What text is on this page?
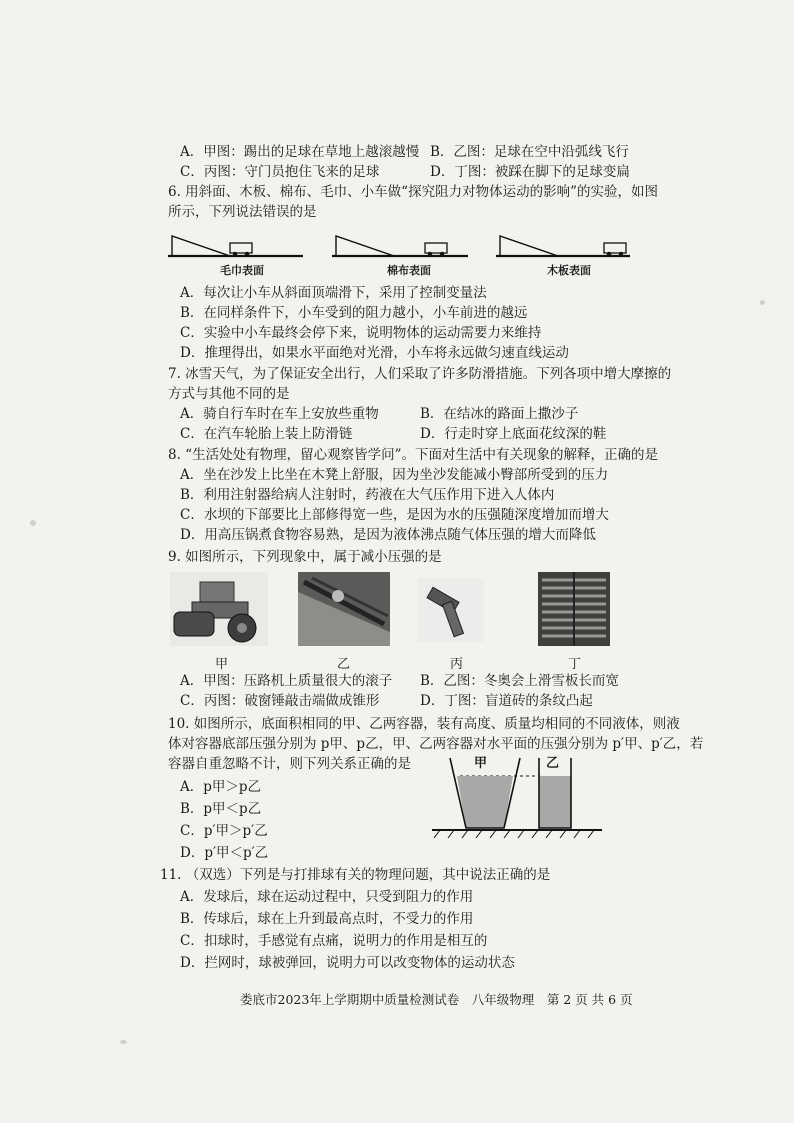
A．甲图：踢出的足球在草地上越滚越慢 B．乙图：足球在空中沿弧线飞行
C．丙图：守门员抱住飞来的足球	D．丁图：被踩在脚下的足球变扁
6. 用斜面、木板、棉布、毛巾、小车做“探究阻力对物体运动的影响”的实验，如图
所示，下列说法错误的是
毛巾表面	棉布表面	木板表面
A．每次让小车从斜面顶端滑下，采用了控制变量法
B．在同样条件下，小车受到的阻力越小，小车前进的越远
C．实验中小车最终会停下来，说明物体的运动需要力来维持
D．推理得出，如果水平面绝对光滑，小车将永远做匀速直线运动
7. 冰雪天气，为了保证安全出行，人们采取了许多防滑措施。下列各项中增大摩擦的
方式与其他不同的是
A．骑自行车时在车上安放些重物	B．在结冰的路面上撒沙子
C．在汽车轮胎上装上防滑链	D．行走时穿上底面花纹深的鞋
8. “生活处处有物理，留心观察皆学问”。下面对生活中有关现象的解释，正确的是
A．坐在沙发上比坐在木凳上舒服，因为坐沙发能减小臀部所受到的压力
B．利用注射器给病人注射时，药液在大气压作用下进入人体内
C．水坝的下部要比上部修得宽一些，是因为水的压强随深度增加而增大
D．用高压锅煮食物容易熟，是因为液体沸点随气体压强的增大而降低
9. 如图所示，下列现象中，属于减小压强的是
甲	乙	丙	丁
A．甲图：压路机上质量很大的滚子 B．乙图：冬奥会上滑雪板长而宽
C．丙图：破窗锤敲击端做成锥形	D．丁图：盲道砖的条纹凸起
10. 如图所示，底面积相同的甲、乙两容器，装有高度、质量均相同的不同液体，则液
体对容器底部压强分别为 p甲、p乙，甲、乙两容器对水平面的压强分别为 p′甲、p′乙，若
容器自重忽略不计，则下列关系正确的是
A．p甲＞p乙
B．p甲＜p乙
C．p′甲＞p′乙
D．p′甲＜p′乙
甲	乙
11. （双选）下列是与打排球有关的物理问题，其中说法正确的是
A．发球后，球在运动过程中，只受到阻力的作用
B．传球后，球在上升到最高点时，不受力的作用
C．扣球时，手感觉有点痛，说明力的作用是相互的
D．拦网时，球被弹回，说明力可以改变物体的运动状态
娄底市2023年上学期期中质量检测试卷　八年级物理　第 2 页 共 6 页
